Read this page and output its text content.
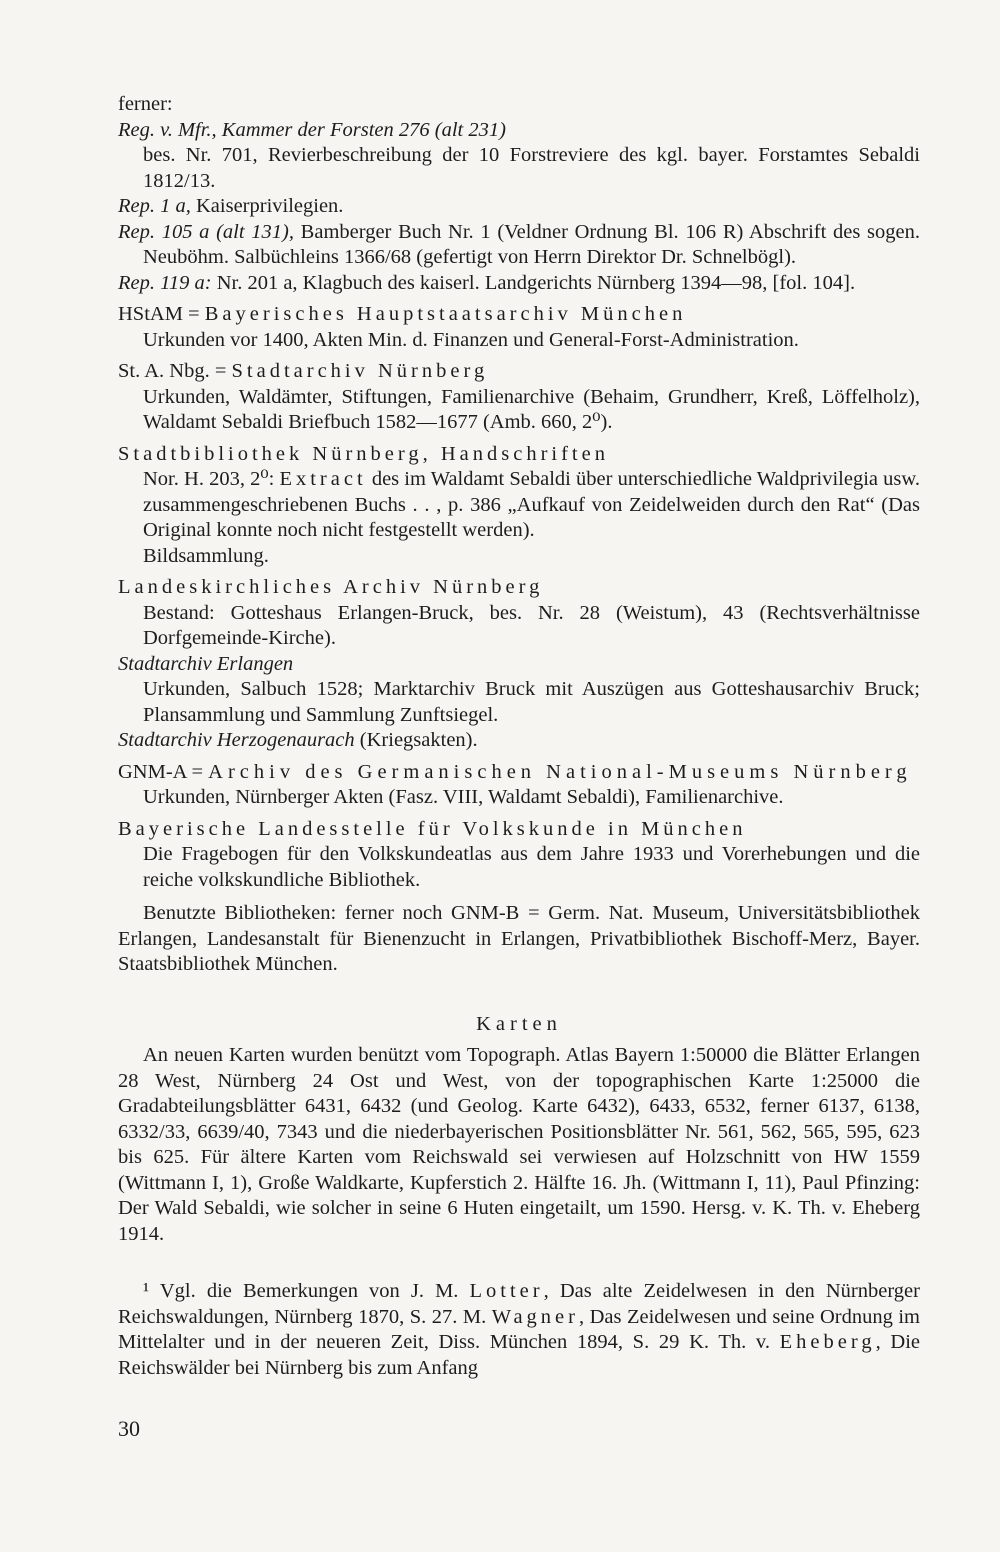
ferner:

Reg. v. Mfr., Kammer der Forsten 276 (alt 231)

bes. Nr. 701, Revierbeschreibung der 10 Forstreviere des kgl. bayer. Forstamtes Sebaldi 1812/13.

Rep. 1 a, Kaiserprivilegien.

Rep. 105 a (alt 131), Bamberger Buch Nr. 1 (Veldner Ordnung Bl. 106 R) Abschrift des sogen. Neuböhm. Salbüchleins 1366/68 (gefertigt von Herrn Direktor Dr. Schnelbögl).

Rep. 119 a: Nr. 201 a, Klagbuch des kaiserl. Landgerichts Nürnberg 1394—98, [fol. 104].

HStAM = Bayerisches Hauptstaatsarchiv München

Urkunden vor 1400, Akten Min. d. Finanzen und General-Forst-Administration.

St. A. Nbg. = Stadtarchiv Nürnberg

Urkunden, Waldämter, Stiftungen, Familienarchive (Behaim, Grundherr, Kreß, Löffelholz), Waldamt Sebaldi Briefbuch 1582—1677 (Amb. 660, 2⁰).

Stadtbibliothek Nürnberg, Handschriften

Nor. H. 203, 2⁰: Extract des im Waldamt Sebaldi über unterschiedliche Waldprivilegia usw. zusammengeschriebenen Buchs . . , p. 386 „Aufkauf von Zeidelweiden durch den Rat“ (Das Original konnte noch nicht festgestellt werden).

Bildsammlung.

Landeskirchliches Archiv Nürnberg

Bestand: Gotteshaus Erlangen-Bruck, bes. Nr. 28 (Weistum), 43 (Rechtsverhältnisse Dorfgemeinde-Kirche).

Stadtarchiv Erlangen

Urkunden, Salbuch 1528; Marktarchiv Bruck mit Auszügen aus Gotteshausarchiv Bruck; Plansammlung und Sammlung Zunftsiegel.

Stadtarchiv Herzogenaurach (Kriegsakten).

GNM-A = Archiv des Germanischen National-Museums Nürnberg

Urkunden, Nürnberger Akten (Fasz. VIII, Waldamt Sebaldi), Familienarchive.

Bayerische Landesstelle für Volkskunde in München

Die Fragebogen für den Volkskundeatlas aus dem Jahre 1933 und Vorerhebungen und die reiche volkskundliche Bibliothek.

Benutzte Bibliotheken: ferner noch GNM-B = Germ. Nat. Museum, Universitätsbibliothek Erlangen, Landesanstalt für Bienenzucht in Erlangen, Privatbibliothek Bischoff-Merz, Bayer. Staatsbibliothek München.

Karten

An neuen Karten wurden benützt vom Topograph. Atlas Bayern 1:50000 die Blätter Erlangen 28 West, Nürnberg 24 Ost und West, von der topographischen Karte 1:25000 die Gradabteilungsblätter 6431, 6432 (und Geolog. Karte 6432), 6433, 6532, ferner 6137, 6138, 6332/33, 6639/40, 7343 und die niederbayerischen Positionsblätter Nr. 561, 562, 565, 595, 623 bis 625. Für ältere Karten vom Reichswald sei verwiesen auf Holzschnitt von HW 1559 (Wittmann I, 1), Große Waldkarte, Kupferstich 2. Hälfte 16. Jh. (Wittmann I, 11), Paul Pfinzing: Der Wald Sebaldi, wie solcher in seine 6 Huten eingetailt, um 1590. Hersg. v. K. Th. v. Eheberg 1914.

¹ Vgl. die Bemerkungen von J. M. Lotter, Das alte Zeidelwesen in den Nürnberger Reichswaldungen, Nürnberg 1870, S. 27. M. Wagner, Das Zeidelwesen und seine Ordnung im Mittelalter und in der neueren Zeit, Diss. München 1894, S. 29 K. Th. v. Eheberg, Die Reichswälder bei Nürnberg bis zum Anfang

30
